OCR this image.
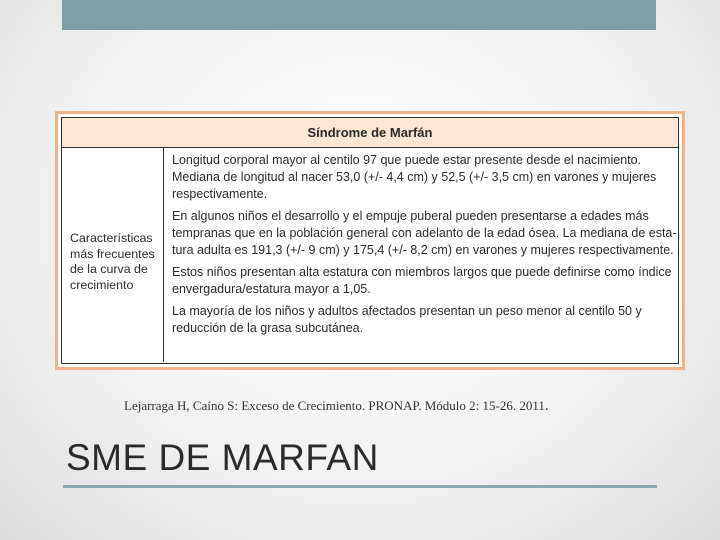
Síndrome de Marfán
Características
más frecuentes
de la curva de
crecimiento

Longitud corporal mayor al centilo 97 que puede estar presente desde el nacimiento.
Mediana de longitud al nacer 53,0 (+/- 4,4 cm) y 52,5 (+/- 3,5 cm) en varones y mujeres
respectivamente.

En algunos niños el desarrollo y el empuje puberal pueden presentarse a edades más
tempranas que en la población general con adelanto de la edad ósea. La mediana de esta-
tura adulta es 191,3 (+/- 9 cm) y 175,4 (+/- 8,2 cm) en varones y mujeres respectivamente.

Estos niños presentan alta estatura con miembros largos que puede definirse como índice
envergadura/estatura mayor a 1,05.

La mayoría de los niños y adultos afectados presentan un peso menor al centilo 50 y
reducción de la grasa subcutánea.

Lejarraga H, Caíno S: Exceso de Crecimiento. PRONAP. Módulo 2: 15-26. 2011.
SME DE MARFAN
